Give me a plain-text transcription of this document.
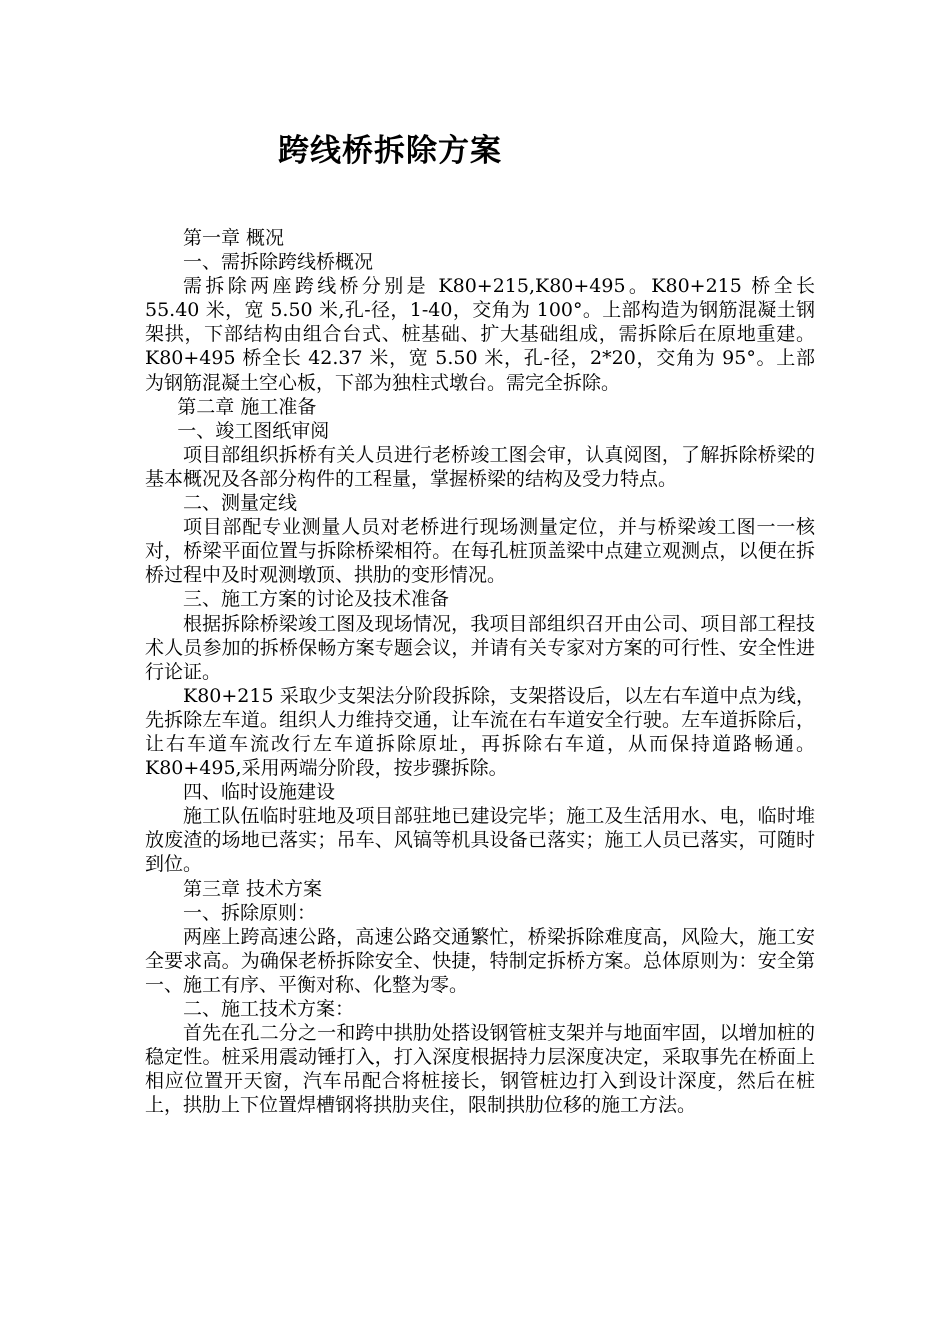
跨线桥拆除方案

第一章 概况

一、需拆除跨线桥概况

需拆除两座跨线桥分别是 K80+215,K80+495。K80+215 桥全长 55.40 米，宽 5.50 米,孔-径，1-40，交角为 100°。上部构造为钢筋混凝土钢架拱，下部结构由组合台式、桩基础、扩大基础组成，需拆除后在原地重建。K80+495 桥全长 42.37 米，宽 5.50 米，孔-径，2*20，交角为 95°。上部为钢筋混凝土空心板，下部为独柱式墩台。需完全拆除。

第二章 施工准备

一、竣工图纸审阅

项目部组织拆桥有关人员进行老桥竣工图会审，认真阅图，了解拆除桥梁的基本概况及各部分构件的工程量，掌握桥梁的结构及受力特点。

二、测量定线

项目部配专业测量人员对老桥进行现场测量定位，并与桥梁竣工图一一核对，桥梁平面位置与拆除桥梁相符。在每孔桩顶盖梁中点建立观测点，以便在拆桥过程中及时观测墩顶、拱肋的变形情况。

三、施工方案的讨论及技术准备

根据拆除桥梁竣工图及现场情况，我项目部组织召开由公司、项目部工程技术人员参加的拆桥保畅方案专题会议，并请有关专家对方案的可行性、安全性进行论证。

K80+215 采取少支架法分阶段拆除，支架搭设后，以左右车道中点为线，先拆除左车道。组织人力维持交通，让车流在右车道安全行驶。左车道拆除后，让右车道车流改行左车道拆除原址，再拆除右车道，从而保持道路畅通。K80+495,采用两端分阶段，按步骤拆除。

四、临时设施建设

施工队伍临时驻地及项目部驻地已建设完毕；施工及生活用水、电，临时堆放废渣的场地已落实；吊车、风镐等机具设备已落实；施工人员已落实，可随时到位。

第三章 技术方案

一、拆除原则：

两座上跨高速公路，高速公路交通繁忙，桥梁拆除难度高，风险大，施工安全要求高。为确保老桥拆除安全、快捷，特制定拆桥方案。总体原则为：安全第一、施工有序、平衡对称、化整为零。

二、施工技术方案：

首先在孔二分之一和跨中拱肋处搭设钢管桩支架并与地面牢固，以增加桩的稳定性。桩采用震动锤打入，打入深度根据持力层深度决定，采取事先在桥面上相应位置开天窗，汽车吊配合将桩接长，钢管桩边打入到设计深度，然后在桩上，拱肋上下位置焊槽钢将拱肋夹住，限制拱肋位移的施工方法。
